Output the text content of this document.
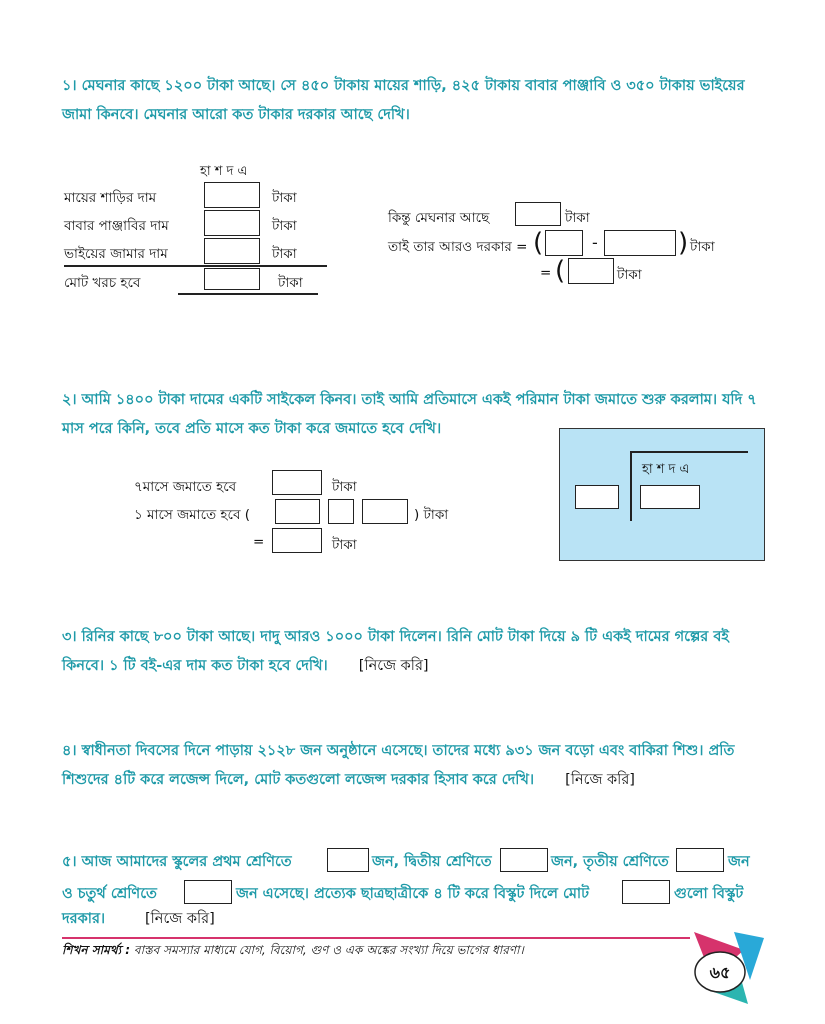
১। মেঘনার কাছে ১২০০ টাকা আছে। সে ৪৫০ টাকায় মায়ের শাড়ি, ৪২৫ টাকায় বাবার পাঞ্জাবি ও ৩৫০ টাকায় ভাইয়ের জামা কিনবে। মেঘনার আরো কত টাকার দরকার আছে দেখি।
হা শ দ এ
মায়ের শাড়ির দাম	টাকা
বাবার পাঞ্জাবির দাম	টাকা
ভাইয়ের জামার দাম	টাকা
মোট খরচ হবে	টাকা
কিন্তু মেঘনার আছে	টাকা
তাই তার আরও দরকার = (	-	) টাকা
= (	টাকা
২। আমি ১৪০০ টাকা দামের একটি সাইকেল কিনব। তাই আমি প্রতিমাসে একই পরিমান টাকা জমাতে শুরু করলাম। যদি ৭ মাস পরে কিনি, তবে প্রতি মাসে কত টাকা করে জমাতে হবে দেখি।
৭মাসে জমাতে হবে	টাকা
১ মাসে জমাতে হবে (	) টাকা
=	টাকা
হা শ দ এ
৩। রিনির কাছে ৮০০ টাকা আছে। দাদু আরও ১০০০ টাকা দিলেন। রিনি মোট টাকা দিয়ে ৯ টি একই দামের গল্পের বই কিনবে। ১ টি বই-এর দাম কত টাকা হবে দেখি। [নিজে করি]
৪। স্বাধীনতা দিবসের দিনে পাড়ায় ২১২৮ জন অনুষ্ঠানে এসেছে। তাদের মধ্যে ৯৩১ জন বড়ো এবং বাকিরা শিশু। প্রতি শিশুদের ৪টি করে লজেন্স দিলে, মোট কতগুলো লজেন্স দরকার হিসাব করে দেখি। [নিজে করি]
৫। আজ আমাদের স্কুলের প্রথম শ্রেণিতে	জন, দ্বিতীয় শ্রেণিতে	জন, তৃতীয় শ্রেণিতে	জন
ও চতুর্থ শ্রেণিতে	জন এসেছে। প্রত্যেক ছাত্রছাত্রীকে ৪ টি করে বিস্কুট দিলে মোট	গুলো বিস্কুট
দরকার।	[নিজে করি]
শিখন সামর্থ্য : বাস্তব সমস্যার মাধ্যমে যোগ, বিয়োগ, গুণ ও এক অঙ্কের সংখ্যা দিয়ে ভাগের ধারণা।
৬৫
